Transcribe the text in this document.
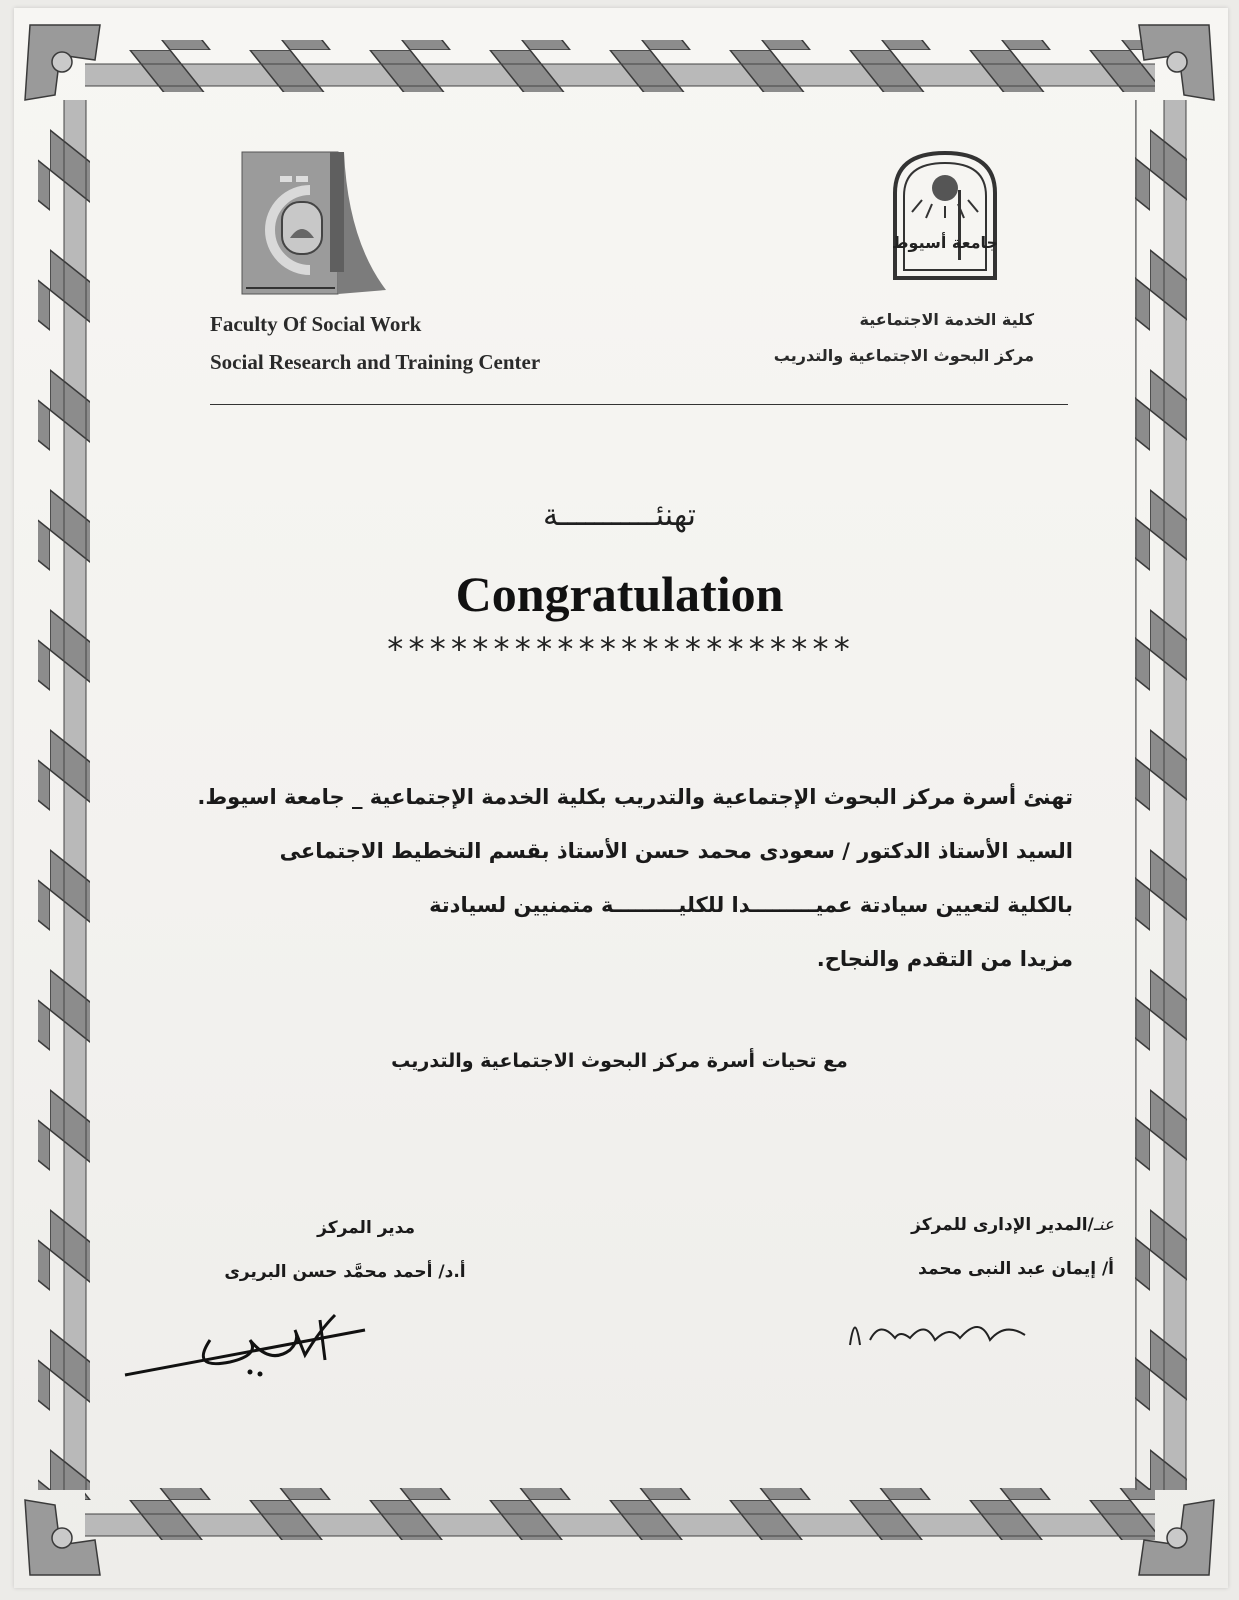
جامعة أسيوط
Faculty Of Social Work
Social Research and Training Center
كلية الخدمة الاجتماعية
مركز البحوث الاجتماعية والتدريب
تهنئـــــــــــة
Congratulation
**********************

تهنئ أسرة مركز البحوث الإجتماعية والتدريب بكلية الخدمة الإجتماعية _ جامعة اسيوط.

السيد الأستاذ الدكتور / سعودى محمد حسن الأستاذ بقسم التخطيط الاجتماعى

بالكلية لتعيين سيادتة عميـــــــــدا للكليـــــــــة متمنيين لسيادتة

مزيدا من التقدم والنجاح.

مع تحيات أسرة مركز البحوث الاجتماعية والتدريب
عنـ/المدير الإدارى للمركز
أ/ إيمان عبد النبى محمد
مدير المركز
أ.د/ أحمد محمَّد حسن البريرى
